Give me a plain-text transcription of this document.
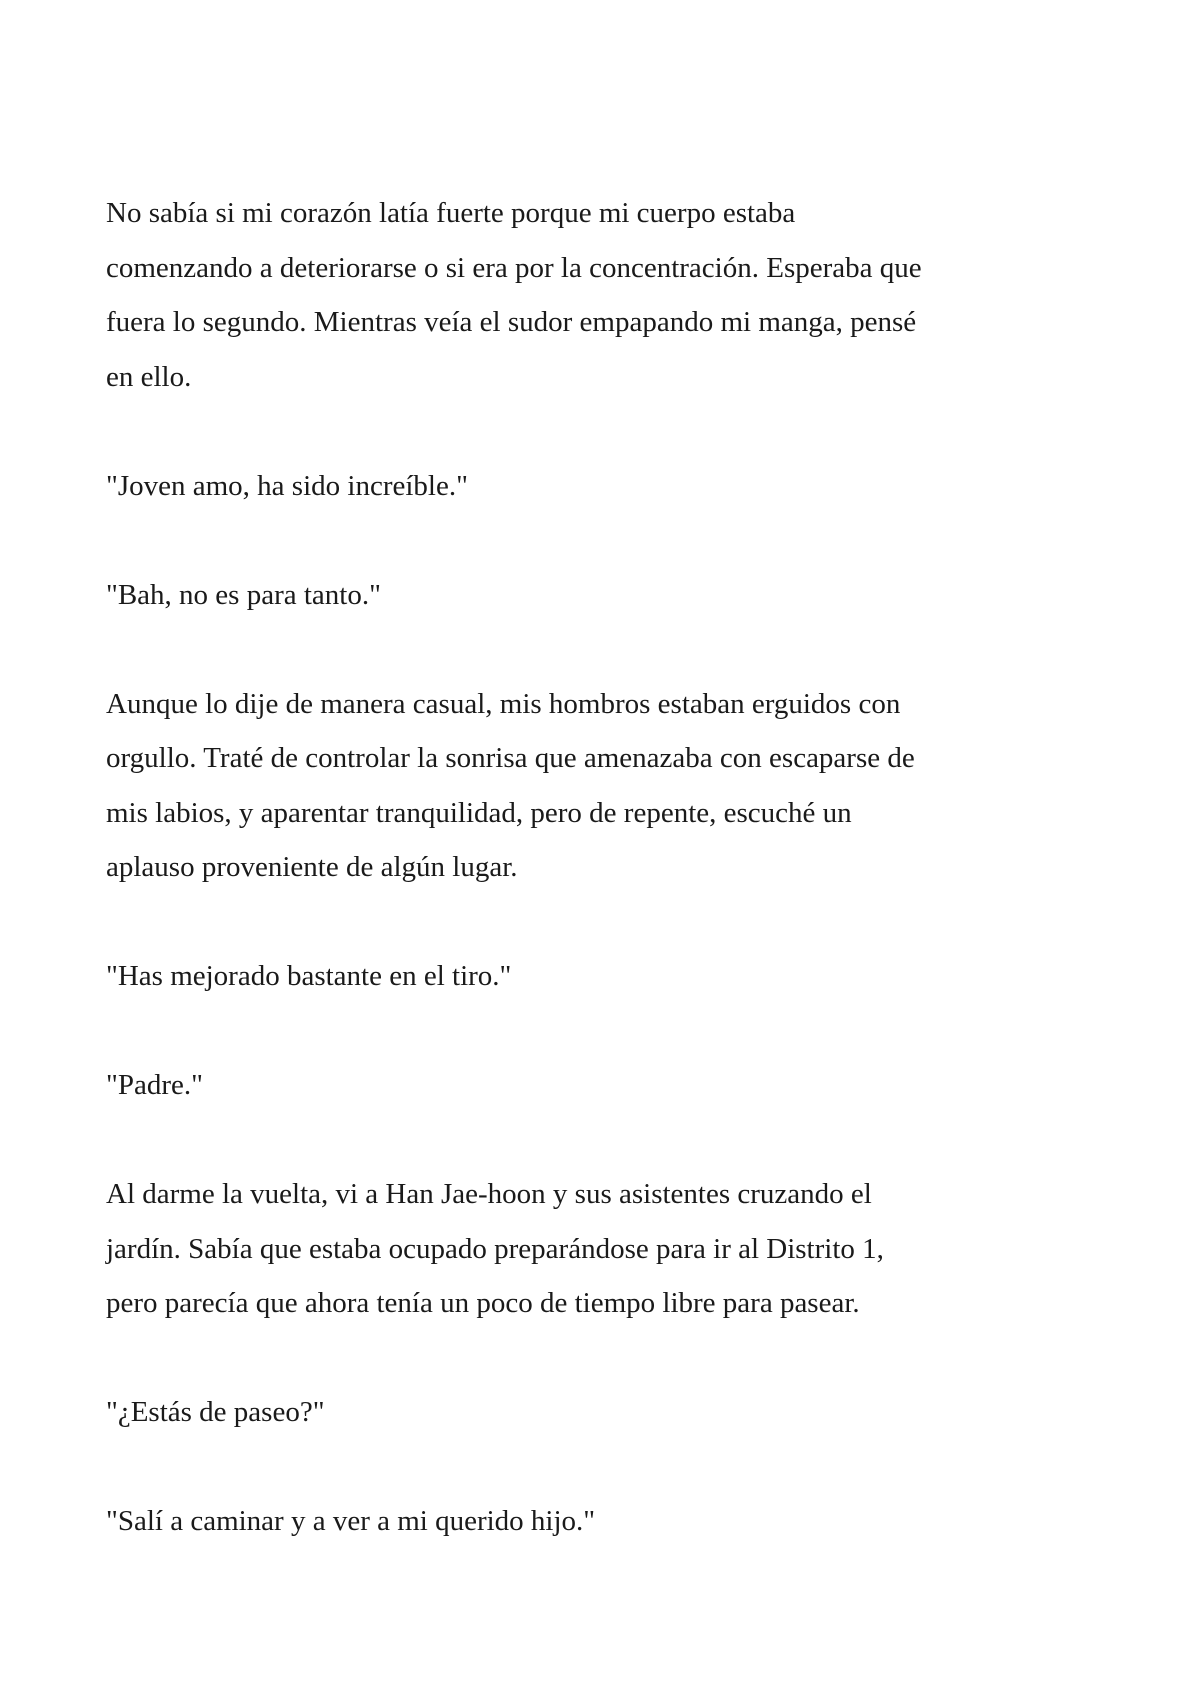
No sabía si mi corazón latía fuerte porque mi cuerpo estaba
comenzando a deteriorarse o si era por la concentración. Esperaba que
fuera lo segundo. Mientras veía el sudor empapando mi manga, pensé
en ello.

"Joven amo, ha sido increíble."

"Bah, no es para tanto."

Aunque lo dije de manera casual, mis hombros estaban erguidos con
orgullo. Traté de controlar la sonrisa que amenazaba con escaparse de
mis labios, y aparentar tranquilidad, pero de repente, escuché un
aplauso proveniente de algún lugar.

"Has mejorado bastante en el tiro."

"Padre."

Al darme la vuelta, vi a Han Jae-hoon y sus asistentes cruzando el
jardín. Sabía que estaba ocupado preparándose para ir al Distrito 1,
pero parecía que ahora tenía un poco de tiempo libre para pasear.

"¿Estás de paseo?"

"Salí a caminar y a ver a mi querido hijo."
